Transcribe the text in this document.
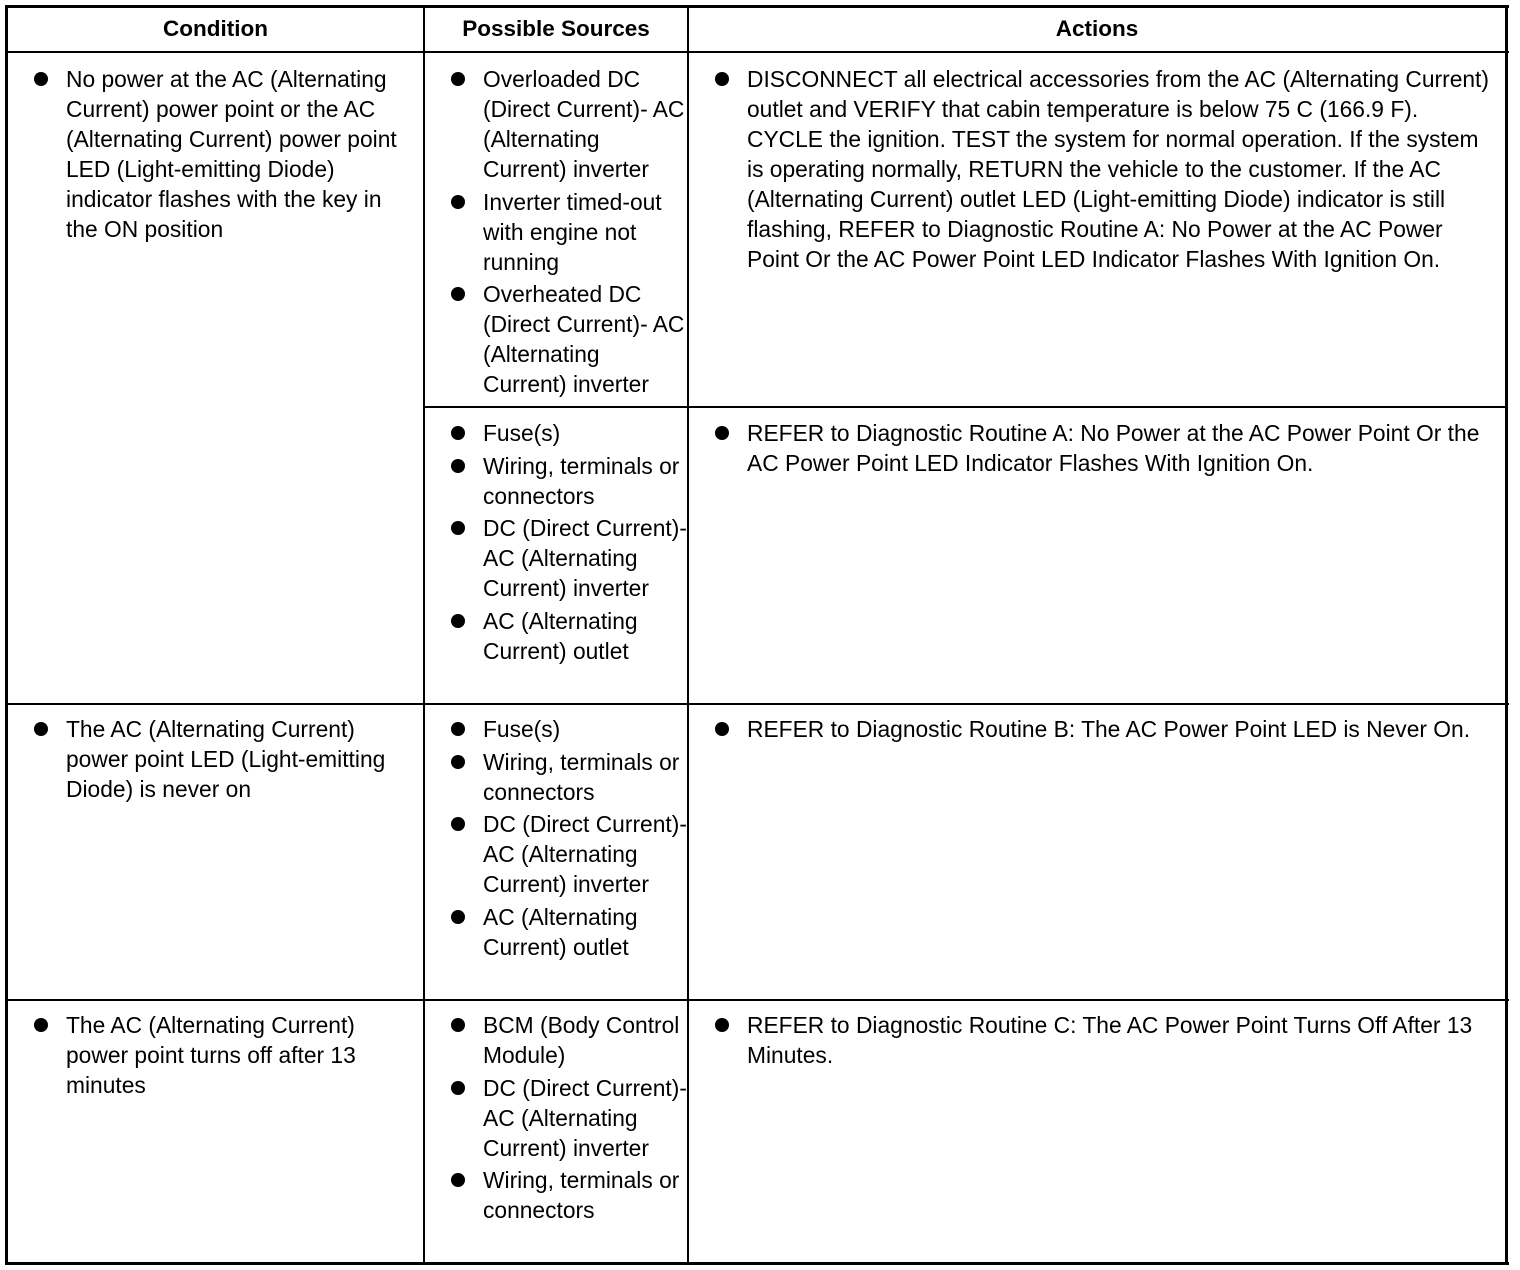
Condition	Possible Sources	Actions
No power at the AC (Alternating Current) power point or the AC (Alternating Current) power point LED (Light-emitting Diode) indicator flashes with the key in the ON position
Overloaded DC (Direct Current)- AC (Alternating Current) inverter
Inverter timed-out with engine not running
Overheated DC (Direct Current)- AC (Alternating Current) inverter
DISCONNECT all electrical accessories from the AC (Alternating Current) outlet and VERIFY that cabin temperature is below 75 C (166.9 F). CYCLE the ignition. TEST the system for normal operation. If the system is operating normally, RETURN the vehicle to the customer. If the AC (Alternating Current) outlet LED (Light-emitting Diode) indicator is still flashing, REFER to Diagnostic Routine A: No Power at the AC Power Point Or the AC Power Point LED Indicator Flashes With Ignition On.
Fuse(s)
Wiring, terminals or connectors
DC (Direct Current)- AC (Alternating Current) inverter
AC (Alternating Current) outlet
REFER to Diagnostic Routine A: No Power at the AC Power Point Or the AC Power Point LED Indicator Flashes With Ignition On.
The AC (Alternating Current) power point LED (Light-emitting Diode) is never on
Fuse(s)
Wiring, terminals or connectors
DC (Direct Current)- AC (Alternating Current) inverter
AC (Alternating Current) outlet
REFER to Diagnostic Routine B: The AC Power Point LED is Never On.
The AC (Alternating Current) power point turns off after 13 minutes
BCM (Body Control Module)
DC (Direct Current)- AC (Alternating Current) inverter
Wiring, terminals or connectors
REFER to Diagnostic Routine C: The AC Power Point Turns Off After 13 Minutes.
